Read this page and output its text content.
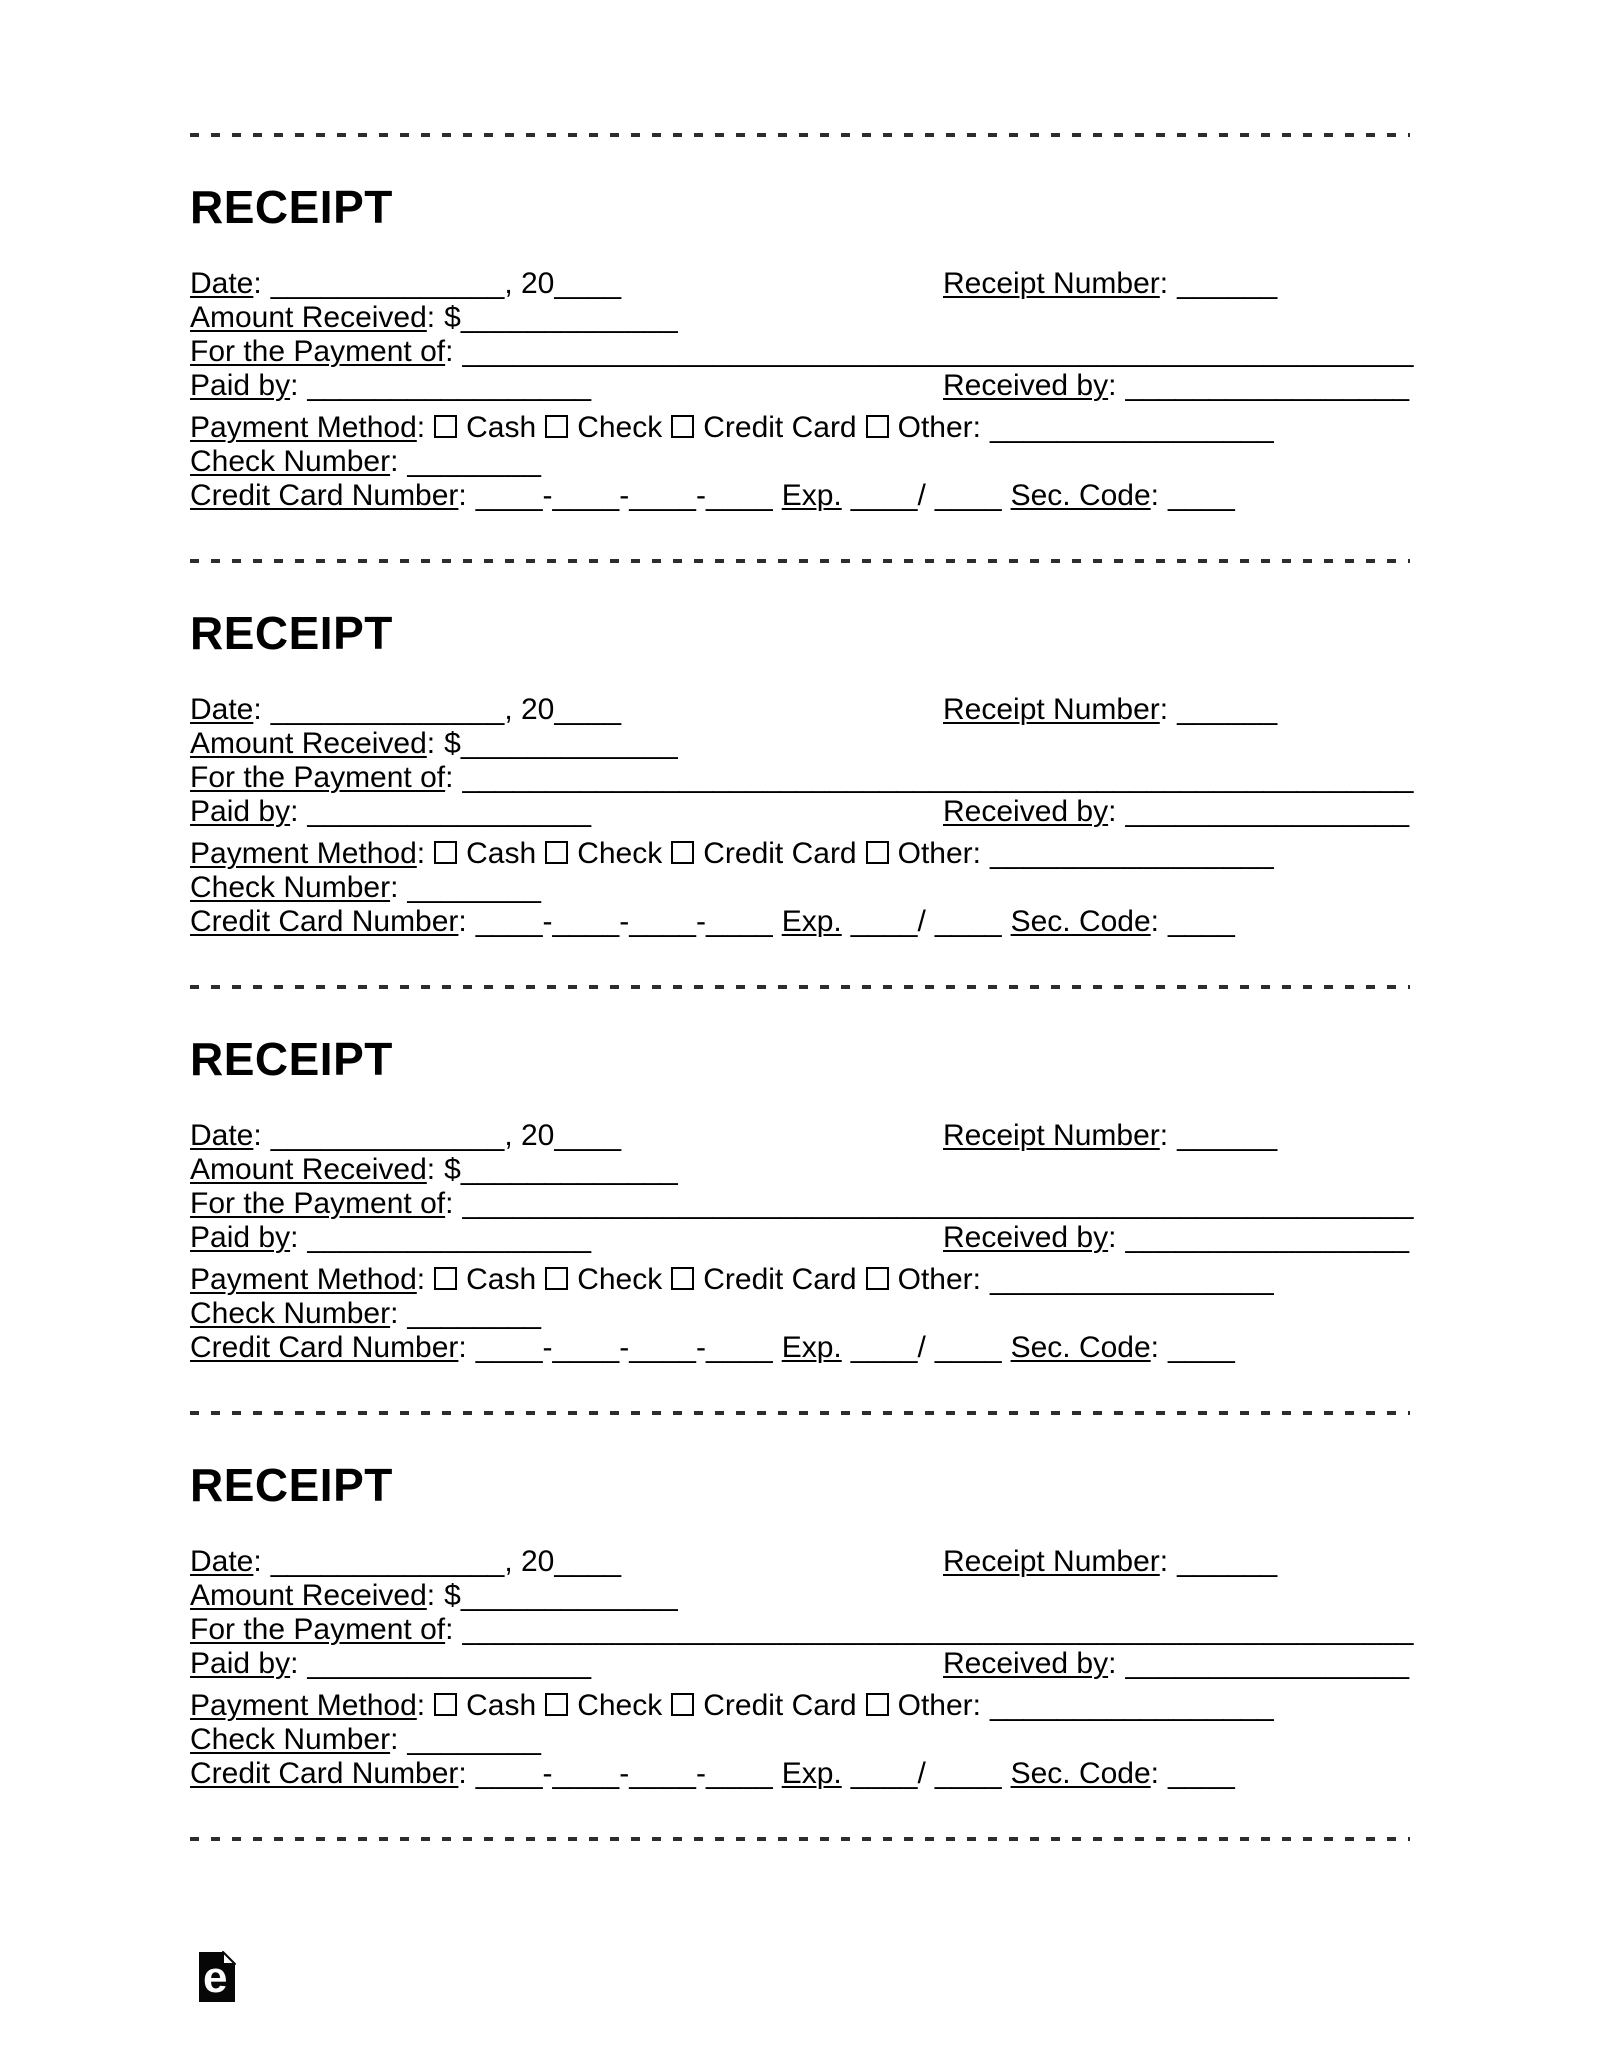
RECEIPT
Date: ______________, 20____	Receipt Number: ______
Amount Received: $_____________
For the Payment of: _________________________________________________________
Paid by: _________________	Received by: _________________
Payment Method: Cash Check Credit Card Other: _________________
Check Number: ________
Credit Card Number: ____-____-____-____ Exp. ____/ ____ Sec. Code: ____
RECEIPT
Date: ______________, 20____	Receipt Number: ______
Amount Received: $_____________
For the Payment of: _________________________________________________________
Paid by: _________________	Received by: _________________
Payment Method: Cash Check Credit Card Other: _________________
Check Number: ________
Credit Card Number: ____-____-____-____ Exp. ____/ ____ Sec. Code: ____
RECEIPT
Date: ______________, 20____	Receipt Number: ______
Amount Received: $_____________
For the Payment of: _________________________________________________________
Paid by: _________________	Received by: _________________
Payment Method: Cash Check Credit Card Other: _________________
Check Number: ________
Credit Card Number: ____-____-____-____ Exp. ____/ ____ Sec. Code: ____
RECEIPT
Date: ______________, 20____	Receipt Number: ______
Amount Received: $_____________
For the Payment of: _________________________________________________________
Paid by: _________________	Received by: _________________
Payment Method: Cash Check Credit Card Other: _________________
Check Number: ________
Credit Card Number: ____-____-____-____ Exp. ____/ ____ Sec. Code: ____
e
